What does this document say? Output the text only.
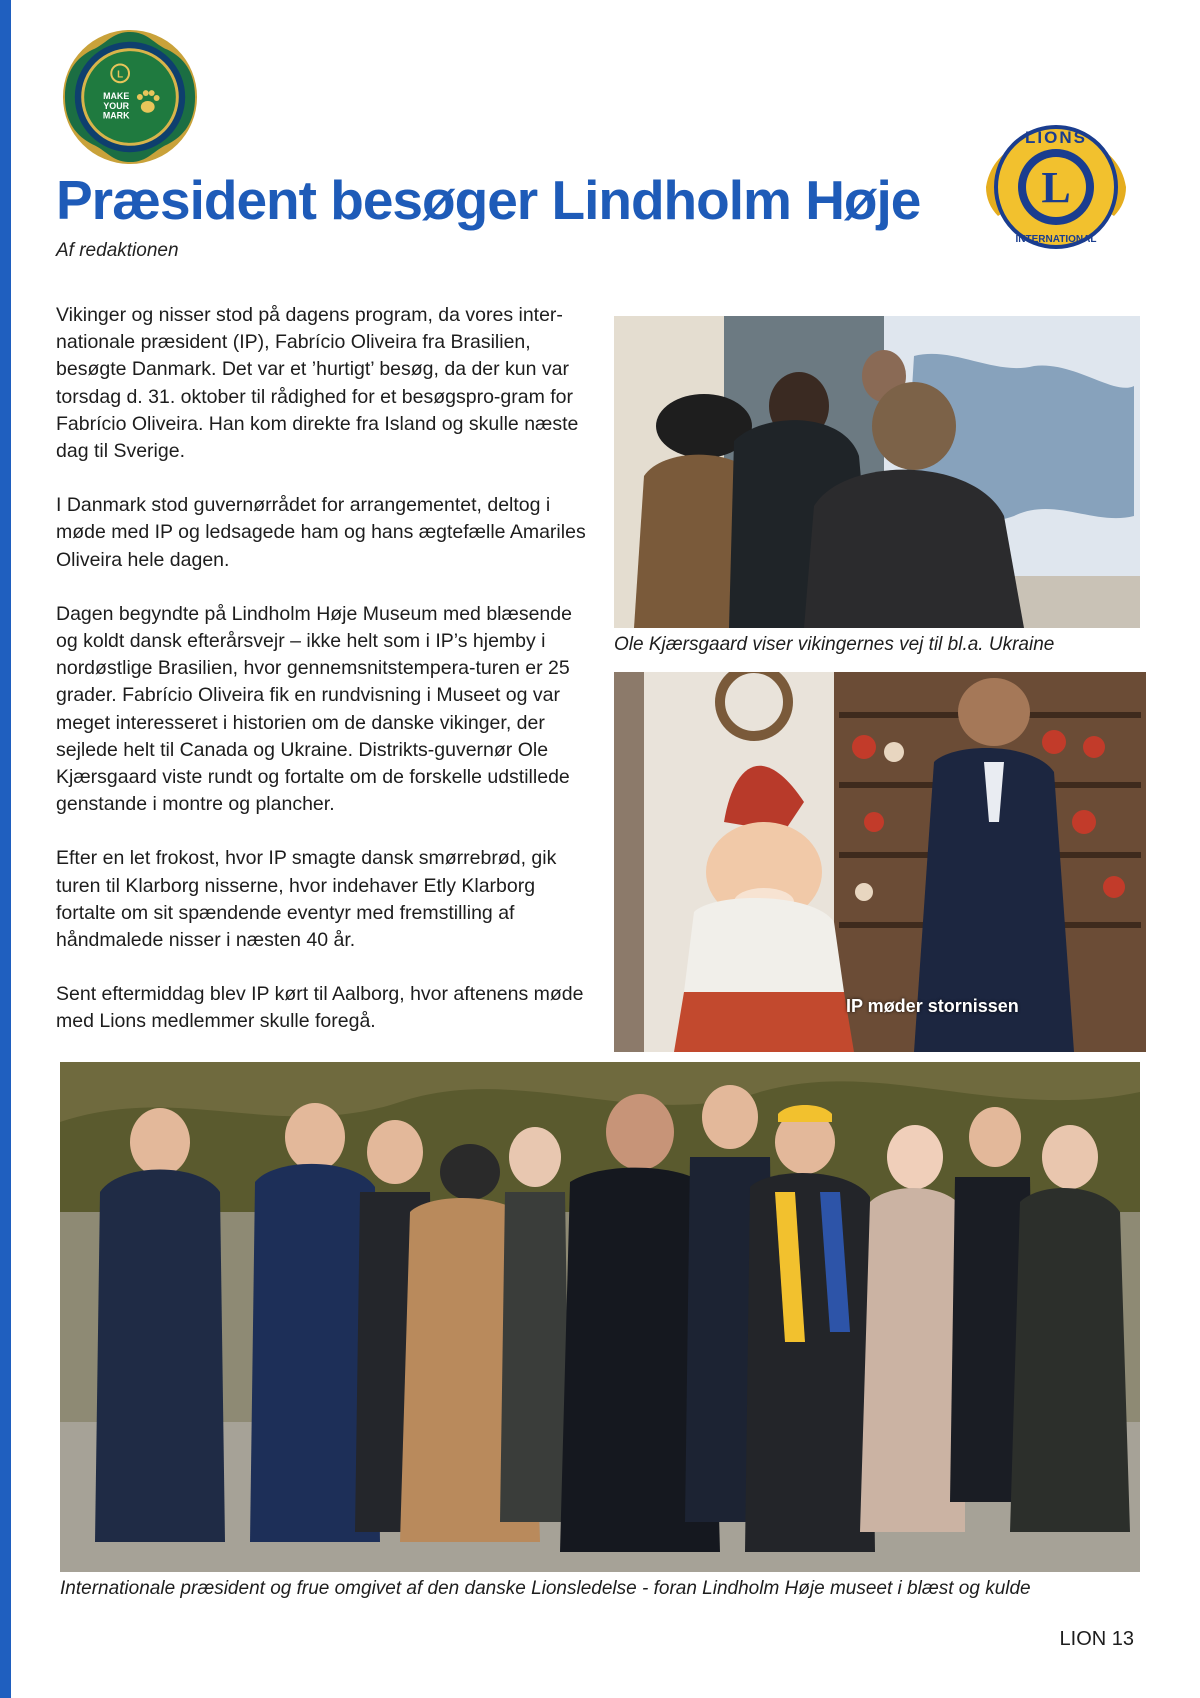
L
MAKE
YOUR
MARK
L
LIONS
INTERNATIONAL
Præsident besøger Lindholm Høje

Af redaktionen

Vikinger og nisser stod på dagens program, da vores inter-nationale præsident (IP), Fabrício Oliveira fra Brasilien, besøgte Danmark. Det var et ’hurtigt’ besøg, da der kun var torsdag d. 31. oktober til rådighed for et besøgspro-gram for Fabrício Oliveira. Han kom direkte fra Island og skulle næste dag til Sverige.

I Danmark stod guvernørrådet for arrangementet, deltog i møde med IP og ledsagede ham og hans ægtefælle Amariles Oliveira hele dagen.

Dagen begyndte på Lindholm Høje Museum med blæsende og koldt dansk efterårsvejr – ikke helt som i IP’s hjemby i nordøstlige Brasilien, hvor gennemsnitstempera-turen er 25 grader. Fabrício Oliveira fik en rundvisning i Museet og var meget interesseret i historien om de danske vikinger, der sejlede helt til Canada og Ukraine. Distrikts-guvernør Ole Kjærsgaard viste rundt og fortalte om de forskelle udstillede genstande i montre og plancher.

Efter en let frokost, hvor IP smagte dansk smørrebrød, gik turen til Klarborg nisserne, hvor indehaver Etly Klarborg fortalte om sit spændende eventyr med fremstilling af håndmalede nisser i næsten 40 år.

Sent eftermiddag blev IP kørt til Aalborg, hvor aftenens møde med Lions medlemmer skulle foregå.

Ole Kjærsgaard viser vikingernes vej til bl.a. Ukraine

IP møder stornissen

Internationale præsident og frue omgivet af den danske Lionsledelse - foran Lindholm Høje museet i blæst og kulde

LION 13
